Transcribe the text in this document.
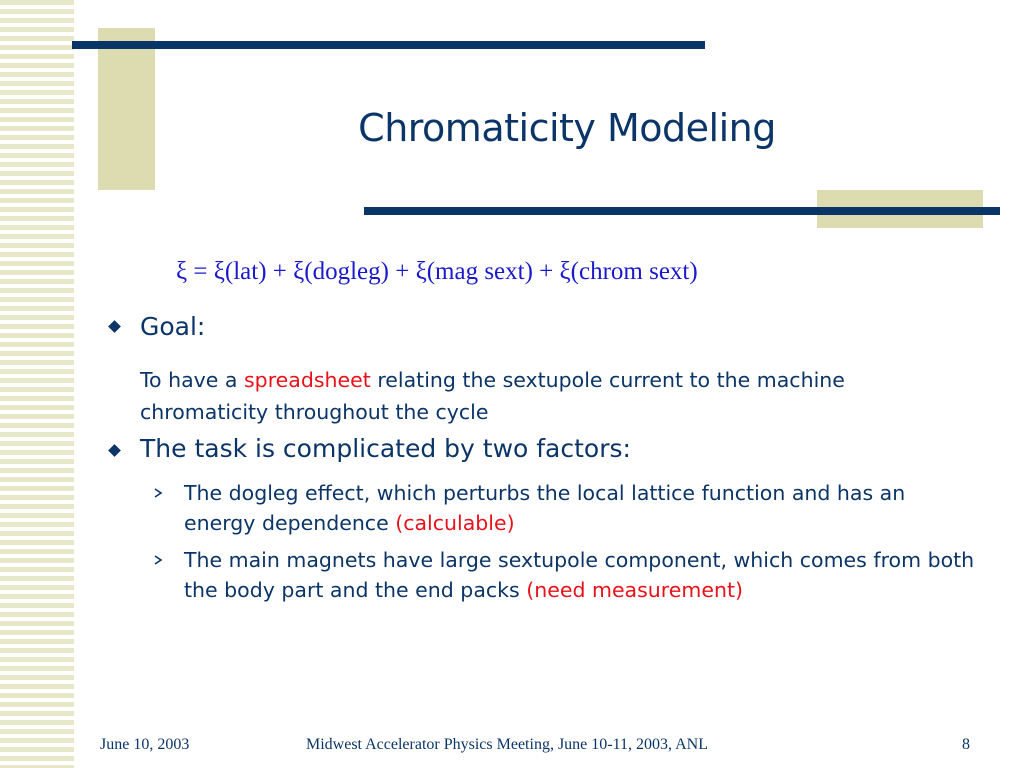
Chromaticity Modeling
ξ = ξ(lat) + ξ(dogleg) + ξ(mag sext) + ξ(chrom sext)
Goal:
To have a spreadsheet relating the sextupole current to the machine chromaticity throughout the cycle
The task is complicated by two factors:
The dogleg effect, which perturbs the local lattice function and has an energy dependence (calculable)
The main magnets have large sextupole component, which comes from both the body part and the end packs (need measurement)
June 10, 2003	Midwest Accelerator Physics Meeting, June 10-11, 2003, ANL	8
